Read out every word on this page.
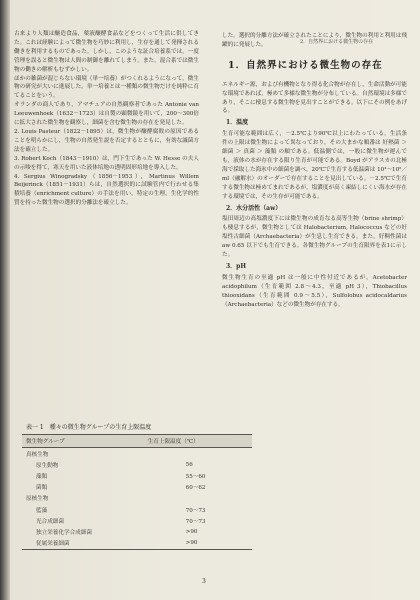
2．自然界における微生物の存在

古来より人類は醸造食品，薬液醸酵食品などをつくって生活に供してきた。これは経験によって微生物を巧妙に利用し，生存を通して発揮される働きを利用するものであった。しかし，このような証合培養系では，一度管理を誤ると微生物は人間の制御を離れてしまう。また，混合系では微生物の働きの解析もむずかしい。

ほかの雑菌が混じらない環境（単一培養）がつくれるようになって，微生物の研究が大いに進展した。単一培養とは一種類の微生物だけを純粋に育てることをいう。

オランダの商人であり，アマチュアの自然観察者であった Antonie van Leeuwenhoek（1632－1723）は自製の顕微鏡を用いて，200～300倍に拡大された微生物を観察し，細菌を含む微生物の存在を発見した。

2. Louis Pasteur（1822－1895）は，微生物が醸酵腐敗の原因であることを明らかにし，生物の自然発生説を否定するとともに，有効な滅菌方法を確立した。

3. Robert Koch（1843－1910）は，門下生であった W. Hesse の夫人の示唆を得て，寒天を用いた液体培地の透明固形培地を導入した。

4. Sergius Winogradsky（1856－1953），Martinus Willem Beijerinck（1851－1931）らは，自然選択的に試験管内で行わせる集積培養（enrichment culture）の手法を用い，特定の生理，生化学的性質を持った微生物の選択的分離法を確立した。

した。選択的分離方法が確立されたことにより，微生物の利用と利用は飛躍的に発展した。

1．自然界における微生物の存在

エネルギー源，および有機物となり得る化合物が存在し，生命活動が可能な環境であれば，極めて多様な微生物が分布している。自然環境は多様であり，そこに棲息する微生物を見出すことができる。以下にその例をあげる。

1．温度

生育可能な範囲は広く，－2.5℃より90℃以上にわたっている。生活条件の上限は微生物によって異なっており，その大まかな順番は 好熱菌 ＞ 細菌 ＞ 真菌 ＞ 藻類 の順である。低温側では，一般に微生物が運んでも，液体の水が存在する限り生育が可能である。Boyd がアラスカの北極海で採取した海氷中の細菌を調べ，20℃で生育する低温菌は 10³～10⁵／ml（融解水）のオーダーで存在することを見出している。－2.5℃で生育する微生物は極めてまれであるが，塩濃度が高く凍結しにくい海水が存在する環境では，その生存が可能である。

2．水分活性（aw）

塩田周辺の高塩濃度下には微生物の成育なる高等生物（brine shrimp）も棲息するが，微生物としては Halobacterium, Halococcus などの好塩性古細菌（Archaebacteria）が生息し生育できる。また，好稠性菌は aw 0.65 以下でも生育できる。各微生物グループの生育限界を表1に示した。

3．pH

微生物生育の至適 pH は一般に中性付近であるが，Acetobacter acidophilum（生育範囲 2.8～4.3，至適 pH 3），Thiobacillus thiooxidans（生育範囲 0.9～5.5），Sulfolobus acidocaldarius（Archaebacteria）などの微生物が存在する。

表一 1　種々の微生物グループの生育上限温度
微生物グループ	生育上限温度（℃）
真核生物	
原生動物	56
藻類	55～60
菌類	60～62
原核生物	
藍藻	70～73
光合成細菌	70～73
独立栄養化学合成細菌	>90
従属栄養細菌	>90
3
